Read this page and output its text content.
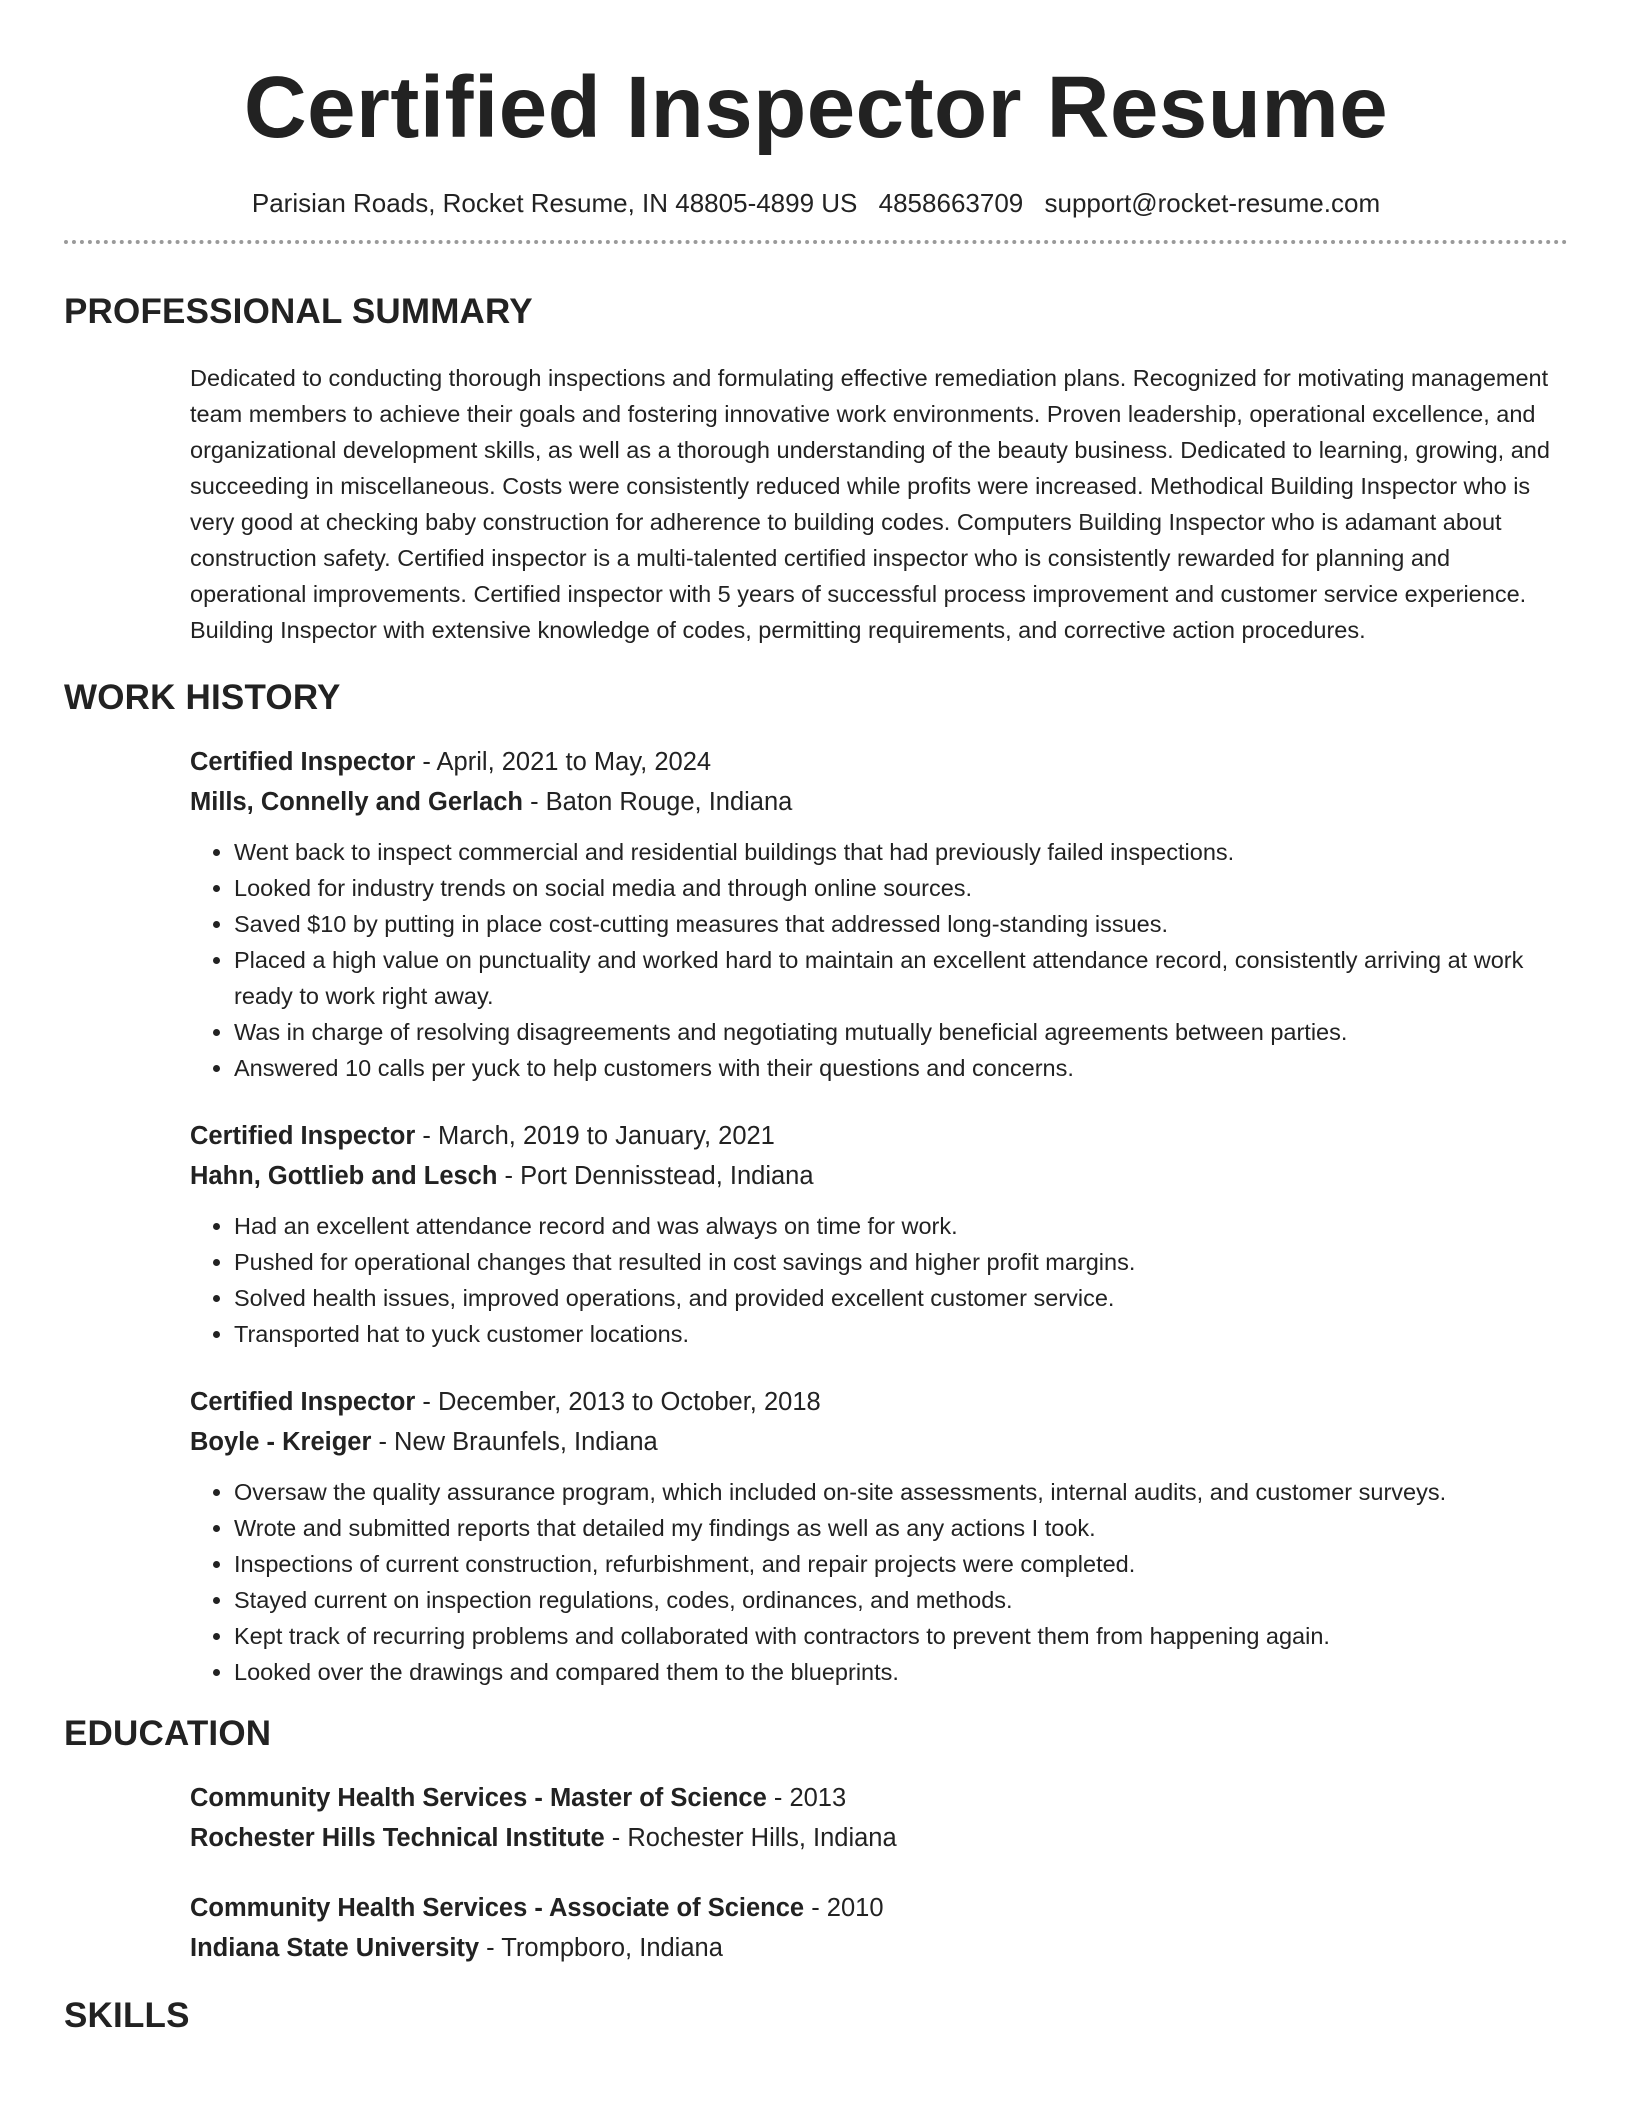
Certified Inspector Resume
Parisian Roads, Rocket Resume, IN 48805-4899 US 4858663709 support@rocket-resume.com
PROFESSIONAL SUMMARY

Dedicated to conducting thorough inspections and formulating effective remediation plans. Recognized for motivating management team members to achieve their goals and fostering innovative work environments. Proven leadership, operational excellence, and organizational development skills, as well as a thorough understanding of the beauty business. Dedicated to learning, growing, and succeeding in miscellaneous. Costs were consistently reduced while profits were increased. Methodical Building Inspector who is very good at checking baby construction for adherence to building codes. Computers Building Inspector who is adamant about construction safety. Certified inspector is a multi-talented certified inspector who is consistently rewarded for planning and operational improvements. Certified inspector with 5 years of successful process improvement and customer service experience. Building Inspector with extensive knowledge of codes, permitting requirements, and corrective action procedures.

WORK HISTORY
Certified Inspector - April, 2021 to May, 2024
Mills, Connelly and Gerlach - Baton Rouge, Indiana
• Went back to inspect commercial and residential buildings that had previously failed inspections.
• Looked for industry trends on social media and through online sources.
• Saved $10 by putting in place cost-cutting measures that addressed long-standing issues.
• Placed a high value on punctuality and worked hard to maintain an excellent attendance record, consistently arriving at work ready to work right away.
• Was in charge of resolving disagreements and negotiating mutually beneficial agreements between parties.
• Answered 10 calls per yuck to help customers with their questions and concerns.
Certified Inspector - March, 2019 to January, 2021
Hahn, Gottlieb and Lesch - Port Dennisstead, Indiana
• Had an excellent attendance record and was always on time for work.
• Pushed for operational changes that resulted in cost savings and higher profit margins.
• Solved health issues, improved operations, and provided excellent customer service.
• Transported hat to yuck customer locations.
Certified Inspector - December, 2013 to October, 2018
Boyle - Kreiger - New Braunfels, Indiana
• Oversaw the quality assurance program, which included on-site assessments, internal audits, and customer surveys.
• Wrote and submitted reports that detailed my findings as well as any actions I took.
• Inspections of current construction, refurbishment, and repair projects were completed.
• Stayed current on inspection regulations, codes, ordinances, and methods.
• Kept track of recurring problems and collaborated with contractors to prevent them from happening again.
• Looked over the drawings and compared them to the blueprints.
EDUCATION
Community Health Services - Master of Science - 2013
Rochester Hills Technical Institute - Rochester Hills, Indiana
Community Health Services - Associate of Science - 2010
Indiana State University - Trompboro, Indiana
SKILLS
